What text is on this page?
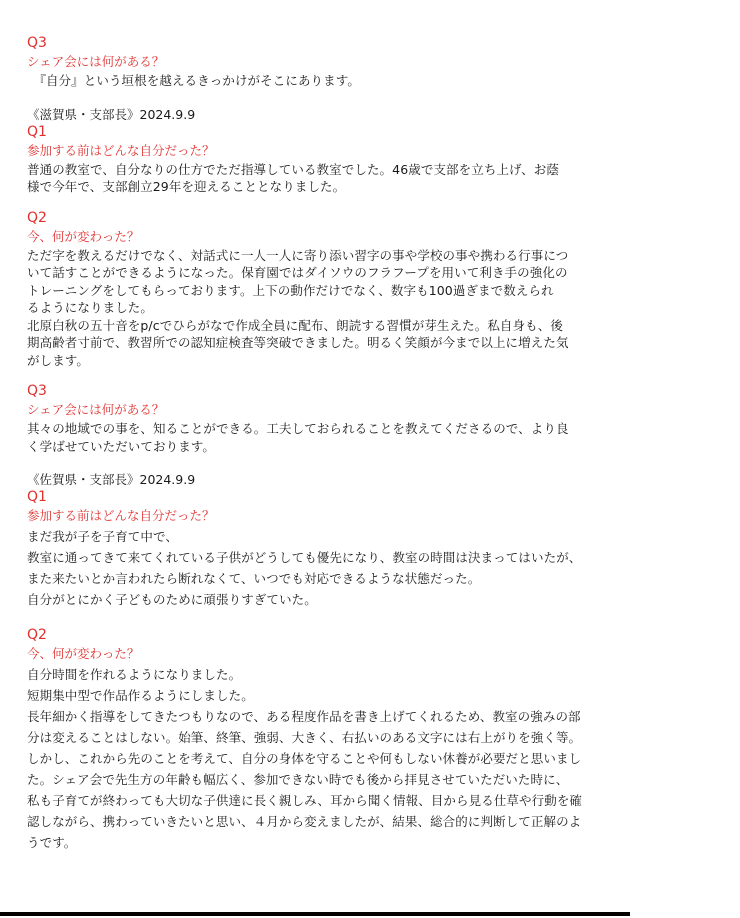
Q3

シェア会には何がある？

　『自分』という垣根を越えるきっかけがそこにあります。

《滋賀県・支部長》2024.9.9

Q1

参加する前はどんな自分だった？

普通の教室で、自分なりの仕方でただ指導している教室でした。46歳で支部を立ち上げ、お蔭

様で今年で、支部創立29年を迎えることとなりました。

Q2

今、何が変わった？

ただ字を教えるだけでなく、対話式に一人一人に寄り添い習字の事や学校の事や携わる行事につ

いて話すことができるようになった。保育園ではダイソウのフラフープを用いて利き手の強化の

トレーニングをしてもらっております。上下の動作だけでなく、数字も100過ぎまで数えられ

るようになりました。

北原白秋の五十音をp/cでひらがなで作成全員に配布、朗読する習慣が芽生えた。私自身も、後

期高齢者寸前で、教習所での認知症検査等突破できました。明るく笑顔が今まで以上に増えた気

がします。

Q3

シェア会には何がある？

其々の地域での事を、知ることができる。工夫しておられることを教えてくださるので、より良

く学ばせていただいております。

《佐賀県・支部長》2024.9.9

Q1

参加する前はどんな自分だった？

まだ我が子を子育て中で、

教室に通ってきて来てくれている子供がどうしても優先になり、教室の時間は決まってはいたが、

また来たいとか言われたら断れなくて、いつでも対応できるような状態だった。

自分がとにかく子どものために頑張りすぎていた。

Q2

今、何が変わった？

自分時間を作れるようになりました。

短期集中型で作品作るようにしました。

長年細かく指導をしてきたつもりなので、ある程度作品を書き上げてくれるため、教室の強みの部

分は変えることはしない。始筆、終筆、強弱、大きく、右払いのある文字には右上がりを強く等。

しかし、これから先のことを考えて、自分の身体を守ることや何もしない休養が必要だと思いまし

た。シェア会で先生方の年齢も幅広く、参加できない時でも後から拝見させていただいた時に、

私も子育てが終わっても大切な子供達に長く親しみ、耳から聞く情報、目から見る仕草や行動を確

認しながら、携わっていきたいと思い、４月から変えましたが、結果、総合的に判断して正解のよ

うです。
